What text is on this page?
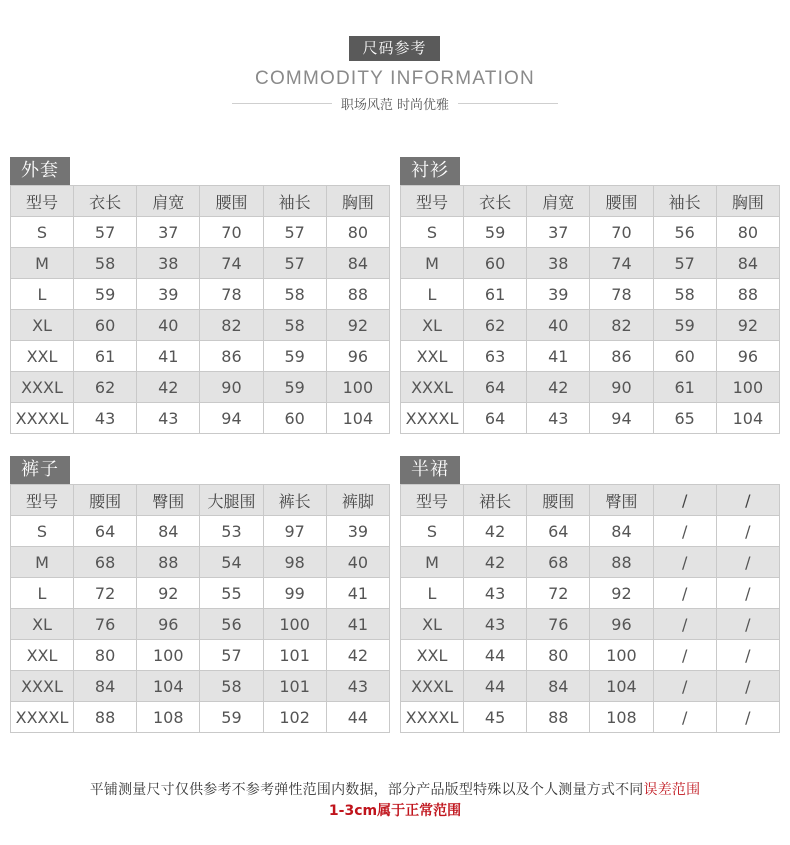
尺码参考
COMMODITY INFORMATION
职场风范 时尚优雅
外套
型号	衣长	肩宽	腰围	袖长	胸围
S	57	37	70	57	80
M	58	38	74	57	84
L	59	39	78	58	88
XL	60	40	82	58	92
XXL	61	41	86	59	96
XXXL	62	42	90	59	100
XXXXL	43	43	94	60	104
衬衫
型号	衣长	肩宽	腰围	袖长	胸围
S	59	37	70	56	80
M	60	38	74	57	84
L	61	39	78	58	88
XL	62	40	82	59	92
XXL	63	41	86	60	96
XXXL	64	42	90	61	100
XXXXL	64	43	94	65	104
裤子
型号	腰围	臀围	大腿围	裤长	裤脚
S	64	84	53	97	39
M	68	88	54	98	40
L	72	92	55	99	41
XL	76	96	56	100	41
XXL	80	100	57	101	42
XXXL	84	104	58	101	43
XXXXL	88	108	59	102	44
半裙
型号	裙长	腰围	臀围	/	/
S	42	64	84	/	/
M	42	68	88	/	/
L	43	72	92	/	/
XL	43	76	96	/	/
XXL	44	80	100	/	/
XXXL	44	84	104	/	/
XXXXL	45	88	108	/	/
平铺测量尺寸仅供参考不参考弹性范围内数据，部分产品版型特殊以及个人测量方式不同误差范围
1-3cm属于正常范围
